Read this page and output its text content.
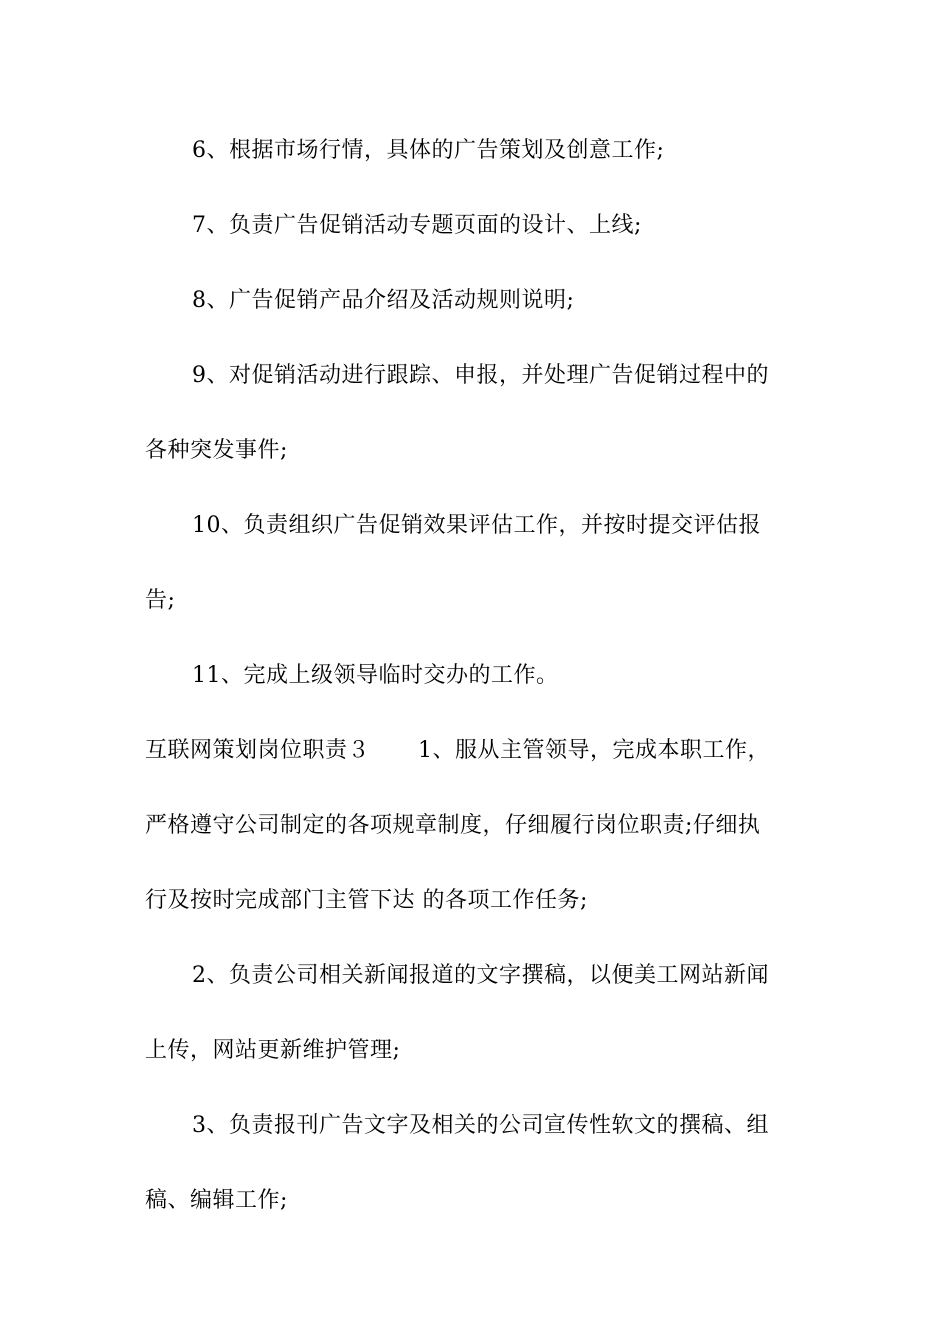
6、根据市场行情，具体的广告策划及创意工作;
7、负责广告促销活动专题页面的设计、上线;
8、广告促销产品介绍及活动规则说明;
9、对促销活动进行跟踪、申报，并处理广告促销过程中的
各种突发事件;
10、负责组织广告促销效果评估工作，并按时提交评估报
告;
11、完成上级领导临时交办的工作。
互联网策划岗位职责３ 1、服从主管领导，完成本职工作，
严格遵守公司制定的各项规章制度，仔细履行岗位职责;仔细执
行及按时完成部门主管下达 的各项工作任务;
2、负责公司相关新闻报道的文字撰稿，以便美工网站新闻
上传，网站更新维护管理;
3、负责报刊广告文字及相关的公司宣传性软文的撰稿、组
稿、编辑工作;
